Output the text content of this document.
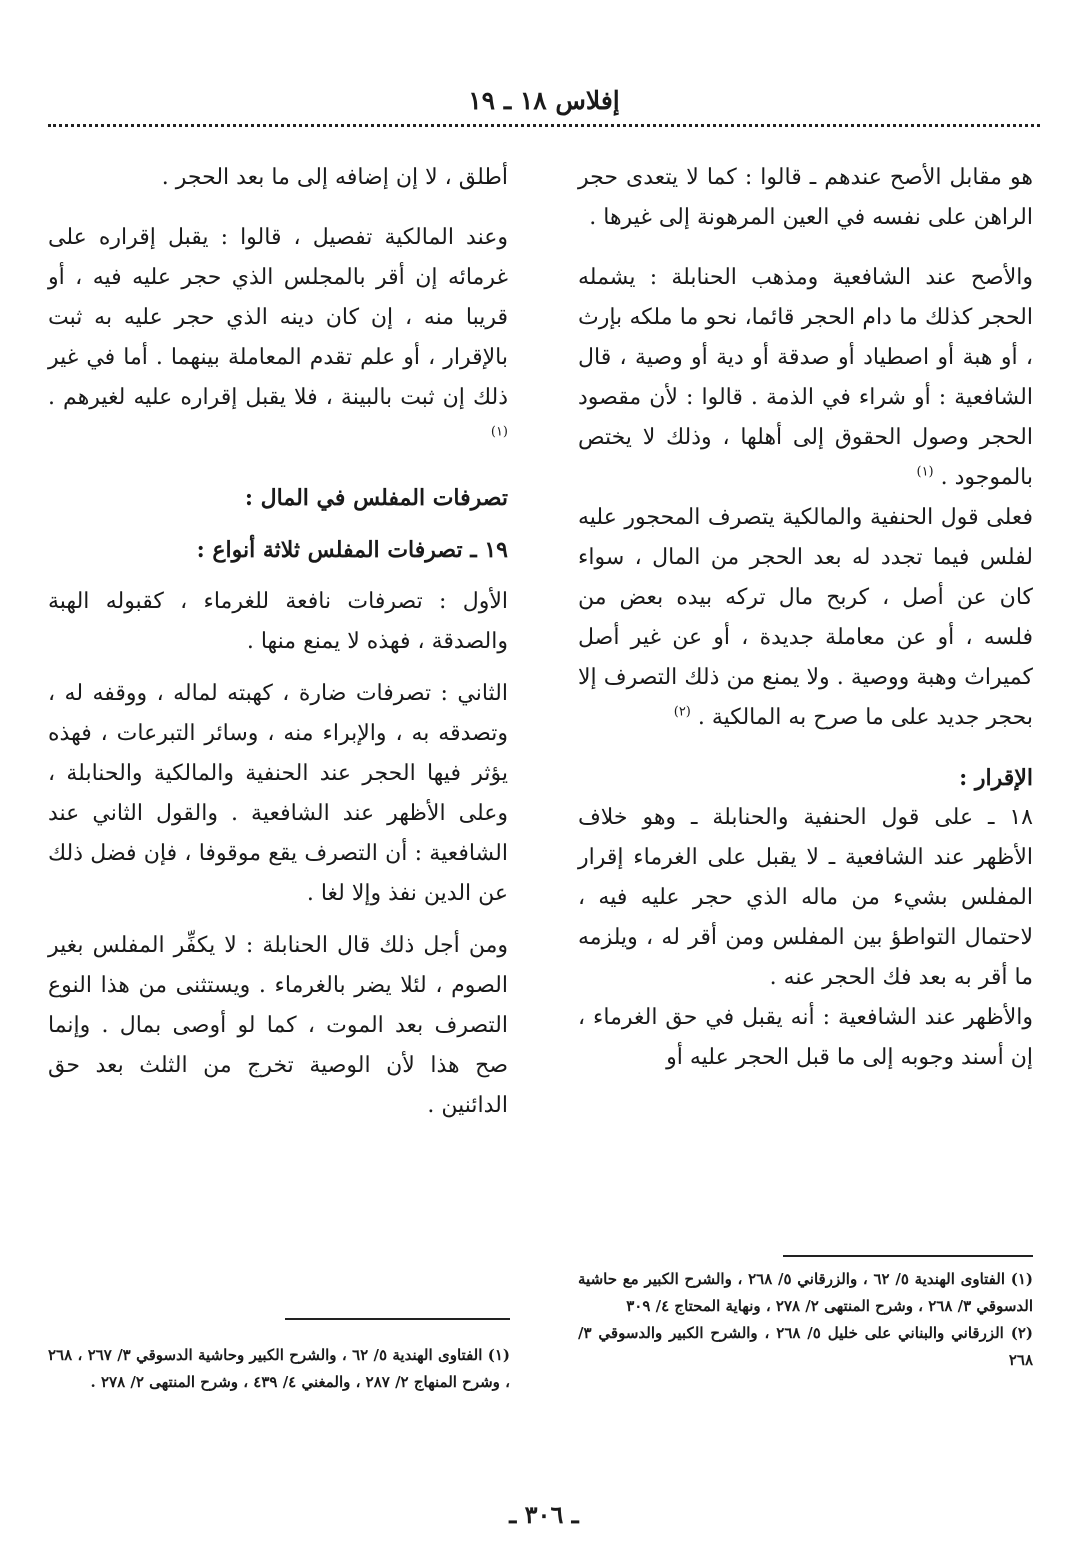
إفلاس ١٨ ـ ١٩

هو مقابل الأصح عندهم ـ قالوا : كما لا يتعدى حجر الراهن على نفسه في العين المرهونة إلى غيرها .

والأصح عند الشافعية ومذهب الحنابلة : يشمله الحجر كذلك ما دام الحجر قائما، نحو ما ملكه بإرث ، أو هبة أو اصطياد أو صدقة أو دية أو وصية ، قال الشافعية : أو شراء في الذمة . قالوا : لأن مقصود الحجر وصول الحقوق إلى أهلها ، وذلك لا يختص بالموجود . $^{(١)}$

فعلى قول الحنفية والمالكية يتصرف المحجور عليه لفلس فيما تجدد له بعد الحجر من المال ، سواء كان عن أصل ، كربح مال تركه بيده بعض من فلسه ، أو عن معاملة جديدة ، أو عن غير أصل كميراث وهبة ووصية . ولا يمنع من ذلك التصرف إلا بحجر جديد على ما صرح به المالكية . $^{(٢)}$

الإقرار :

١٨ ـ على قول الحنفية والحنابلة ـ وهو خلاف الأظهر عند الشافعية ـ لا يقبل على الغرماء إقرار المفلس بشيء من ماله الذي حجر عليه فيه ، لاحتمال التواطؤ بين المفلس ومن أقر له ، ويلزمه ما أقر به بعد فك الحجر عنه .

والأظهر عند الشافعية : أنه يقبل في حق الغرماء ، إن أسند وجوبه إلى ما قبل الحجر عليه أو

أطلق ، لا إن إضافه إلى ما بعد الحجر .

وعند المالكية تفصيل ، قالوا : يقبل إقراره على غرمائه إن أقر بالمجلس الذي حجر عليه فيه ، أو قريبا منه ، إن كان دينه الذي حجر عليه به ثبت بالإقرار ، أو علم تقدم المعاملة بينهما . أما في غير ذلك إن ثبت بالبينة ، فلا يقبل إقراره عليه لغيرهم . $^{(١)}$

تصرفات المفلس في المال :

١٩ ـ تصرفات المفلس ثلاثة أنواع :

الأول : تصرفات نافعة للغرماء ، كقبوله الهبة والصدقة ، فهذه لا يمنع منها .

الثاني : تصرفات ضارة ، كهبته لماله ، ووقفه له ، وتصدقه به ، والإبراء منه ، وسائر التبرعات ، فهذه يؤثر فيها الحجر عند الحنفية والمالكية والحنابلة ، وعلى الأظهر عند الشافعية . والقول الثاني عند الشافعية : أن التصرف يقع موقوفا ، فإن فضل ذلك عن الدين نفذ وإلا لغا .

ومن أجل ذلك قال الحنابلة : لا يكفِّر المفلس بغير الصوم ، لئلا يضر بالغرماء . ويستثنى من هذا النوع التصرف بعد الموت ، كما لو أوصى بمال . وإنما صح هذا لأن الوصية تخرج من الثلث بعد حق الدائنين .

(١) الفتاوى الهندية ٥/ ٦٢ ، والزرقاني ٥/ ٢٦٨ ، والشرح الكبير مع حاشية الدسوقي ٣/ ٢٦٨ ، وشرح المنتهى ٢/ ٢٧٨ ، ونهاية المحتاج ٤/ ٣٠٩

(٢) الزرقاني والبناني على خليل ٥/ ٢٦٨ ، والشرح الكبير والدسوقي ٣/ ٢٦٨

(١) الفتاوى الهندية ٥/ ٦٢ ، والشرح الكبير وحاشية الدسوقي ٣/ ٢٦٧ ، ٢٦٨ ، وشرح المنهاج ٢/ ٢٨٧ ، والمغني ٤/ ٤٣٩ ، وشرح المنتهى ٢/ ٢٧٨ .

ـ ٣٠٦ ـ
